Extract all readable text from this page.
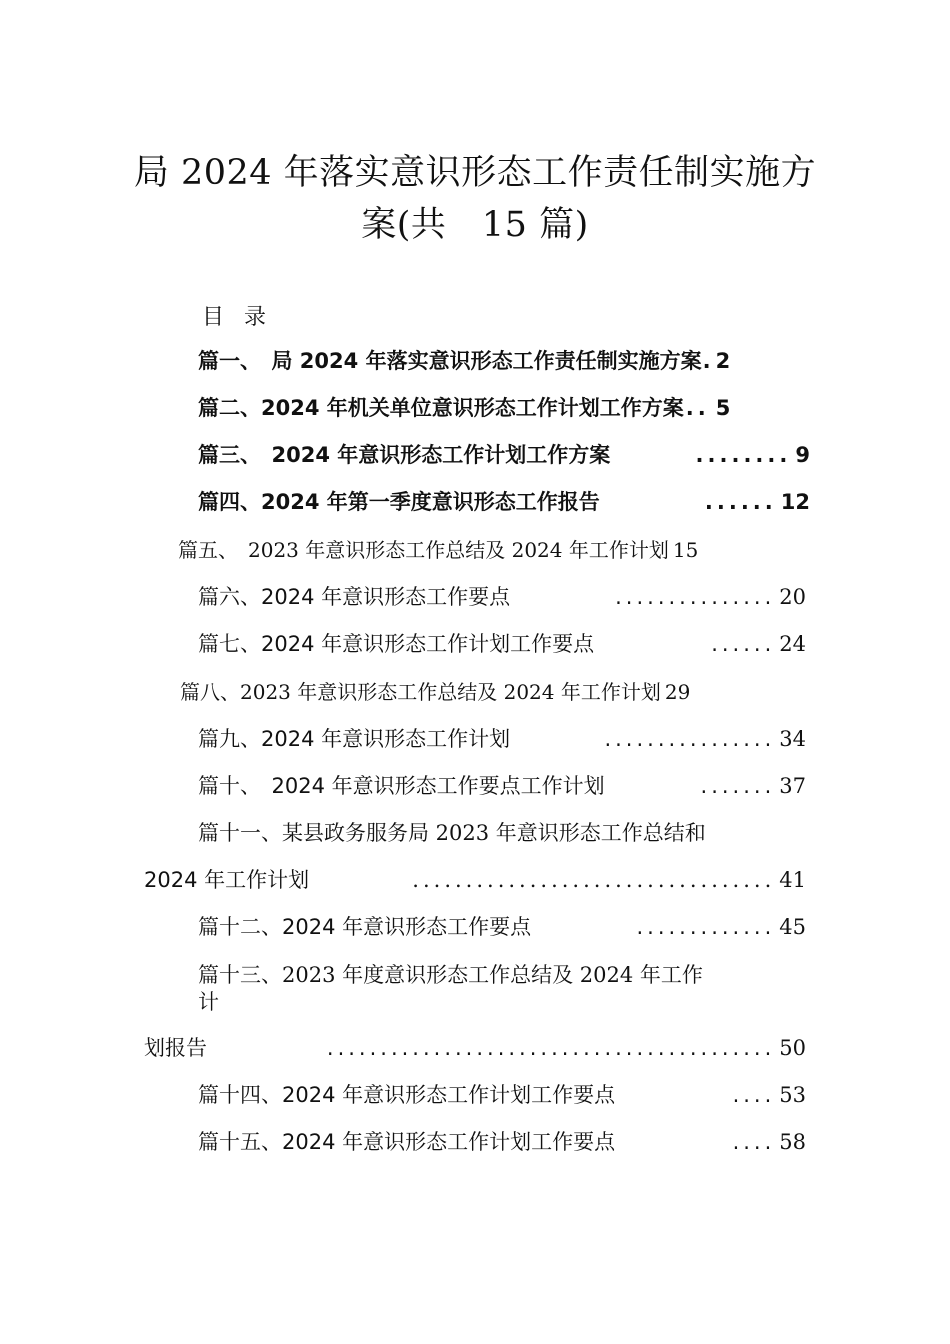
局 2024 年落实意识形态工作责任制实施方
案(共　15 篇)
目录
篇一、　局 2024 年落实意识形态工作责任制实施方案 . 2
篇二、2024 年机关单位意识形态工作计划工作方案 .. 5
篇三、　2024 年意识形态工作计划工作方案	........ 9
篇四、2024 年第一季度意识形态工作报告	...... 12
篇五、　2023 年意识形态工作总结及 2024 年工作计划 15
篇六、2024 年意识形态工作要点	............... 20
篇七、2024 年意识形态工作计划工作要点	...... 24
篇八、2023 年意识形态工作总结及 2024 年工作计划 29
篇九、2024 年意识形态工作计划	................ 34
篇十、　2024 年意识形态工作要点工作计划	....... 37
篇十一、某县政务服务局 2023 年意识形态工作总结和
2024 年工作计划	.................................. 41
篇十二、2024 年意识形态工作要点	............. 45
篇十三、2023 年度意识形态工作总结及 2024 年工作
计
划报告	.......................................... 50
篇十四、2024 年意识形态工作计划工作要点	.... 53
篇十五、2024 年意识形态工作计划工作要点	.... 58
